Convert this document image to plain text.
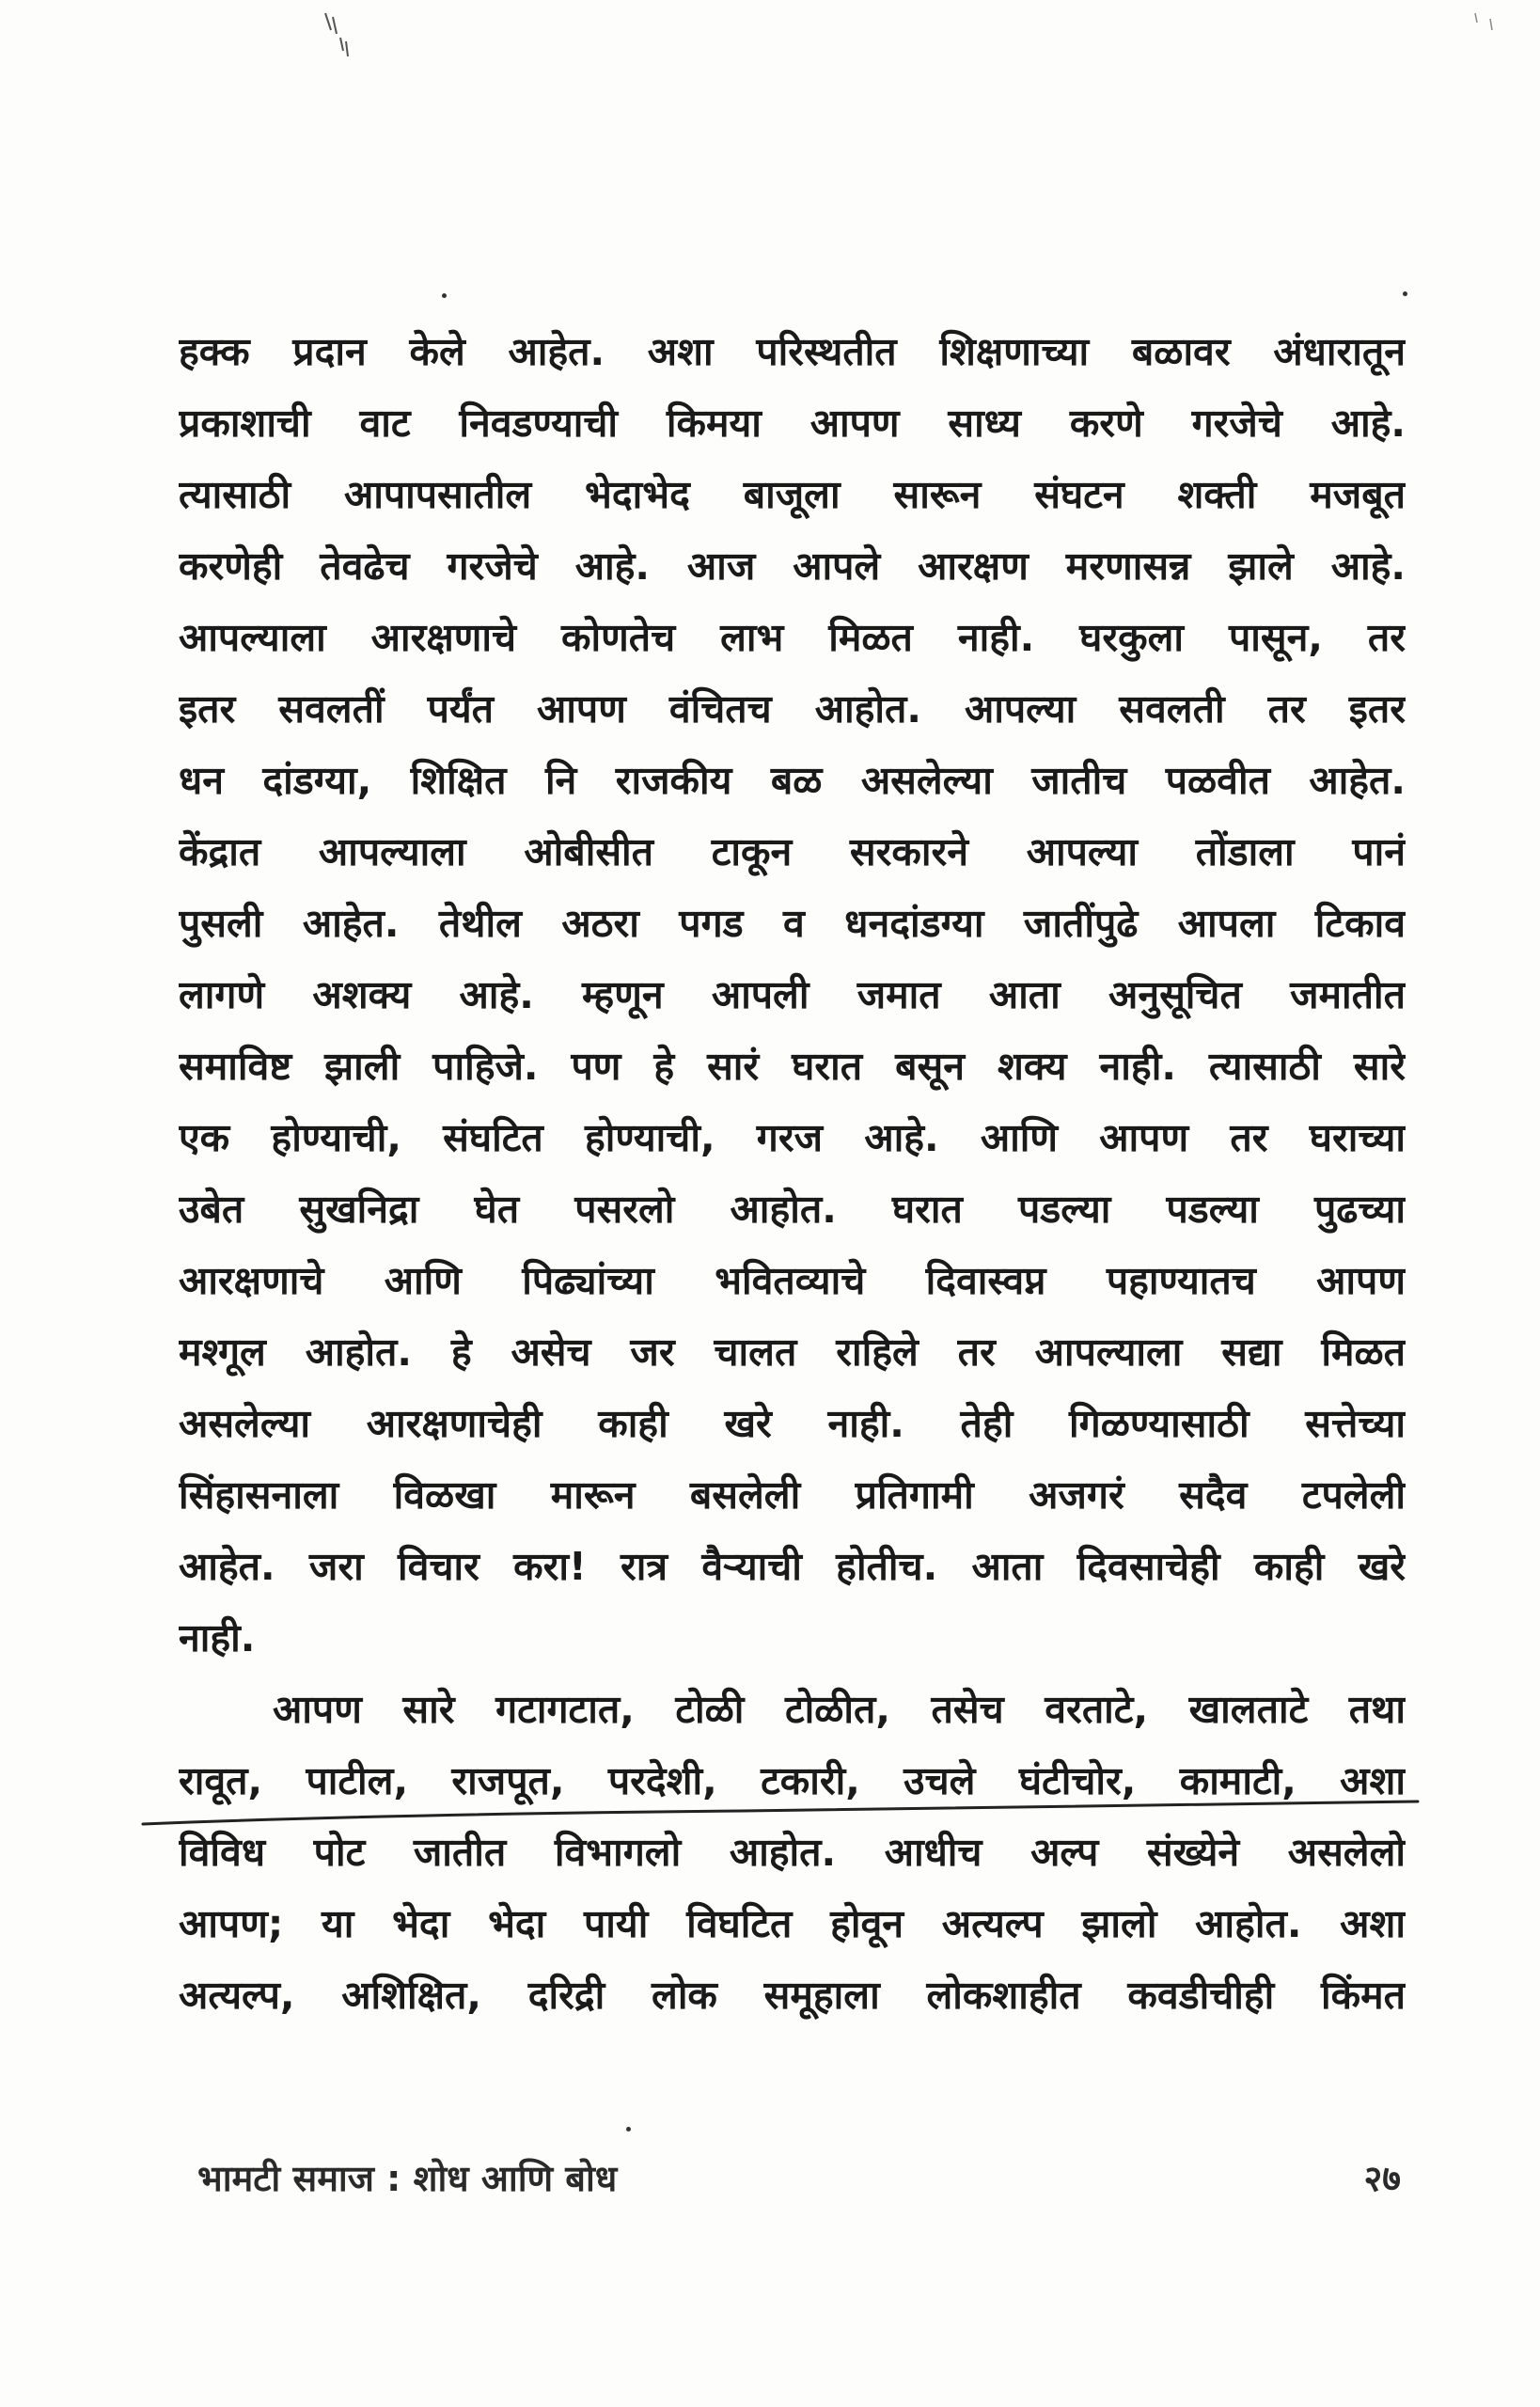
हक्क प्रदान केले आहेत. अशा परिस्थतीत शिक्षणाच्या बळावर अंधारातून
प्रकाशाची वाट निवडण्याची किमया आपण साध्य करणे गरजेचे आहे.
त्यासाठी आपापसातील भेदाभेद बाजूला सारून संघटन शक्ती मजबूत
करणेही तेवढेच गरजेचे आहे. आज आपले आरक्षण मरणासन्न झाले आहे.
आपल्याला आरक्षणाचे कोणतेच लाभ मिळत नाही. घरकुला पासून, तर
इतर सवलतीं पर्यंत आपण वंचितच आहोत. आपल्या सवलती तर इतर
धन दांडग्या, शिक्षित नि राजकीय बळ असलेल्या जातीच पळवीत आहेत.
केंद्रात आपल्याला ओबीसीत टाकून सरकारने आपल्या तोंडाला पानं
पुसली आहेत. तेथील अठरा पगड व धनदांडग्या जातींपुढे आपला टिकाव
लागणे अशक्य आहे. म्हणून आपली जमात आता अनुसूचित जमातीत
समाविष्ट झाली पाहिजे. पण हे सारं घरात बसून शक्य नाही. त्यासाठी सारे
एक होण्याची, संघटित होण्याची, गरज आहे. आणि आपण तर घराच्या
उबेत सुखनिद्रा घेत पसरलो आहोत. घरात पडल्या पडल्या पुढच्या
आरक्षणाचे आणि पिढ्यांच्या भवितव्याचे दिवास्वप्न पहाण्यातच आपण
मश्गूल आहोत. हे असेच जर चालत राहिले तर आपल्याला सद्या मिळत
असलेल्या आरक्षणाचेही काही खरे नाही. तेही गिळण्यासाठी सत्तेच्या
सिंहासनाला विळखा मारून बसलेली प्रतिगामी अजगरं सदैव टपलेली
आहेत. जरा विचार करा! रात्र वैऱ्याची होतीच. आता दिवसाचेही काही खरे
नाही.
आपण सारे गटागटात, टोळी टोळीत, तसेच वरताटे, खालताटे तथा
रावूत, पाटील, राजपूत, परदेशी, टकारी, उचले घंटीचोर, कामाटी, अशा
विविध पोट जातीत विभागलो आहोत. आधीच अल्प संख्येने असलेलो
आपण; या भेदा भेदा पायी विघटित होवून अत्यल्प झालो आहोत. अशा
अत्यल्प, अशिक्षित, दरिद्री लोक समूहाला लोकशाहीत कवडीचीही किंमत
भामटी समाज : शोध आणि बोध	२७
